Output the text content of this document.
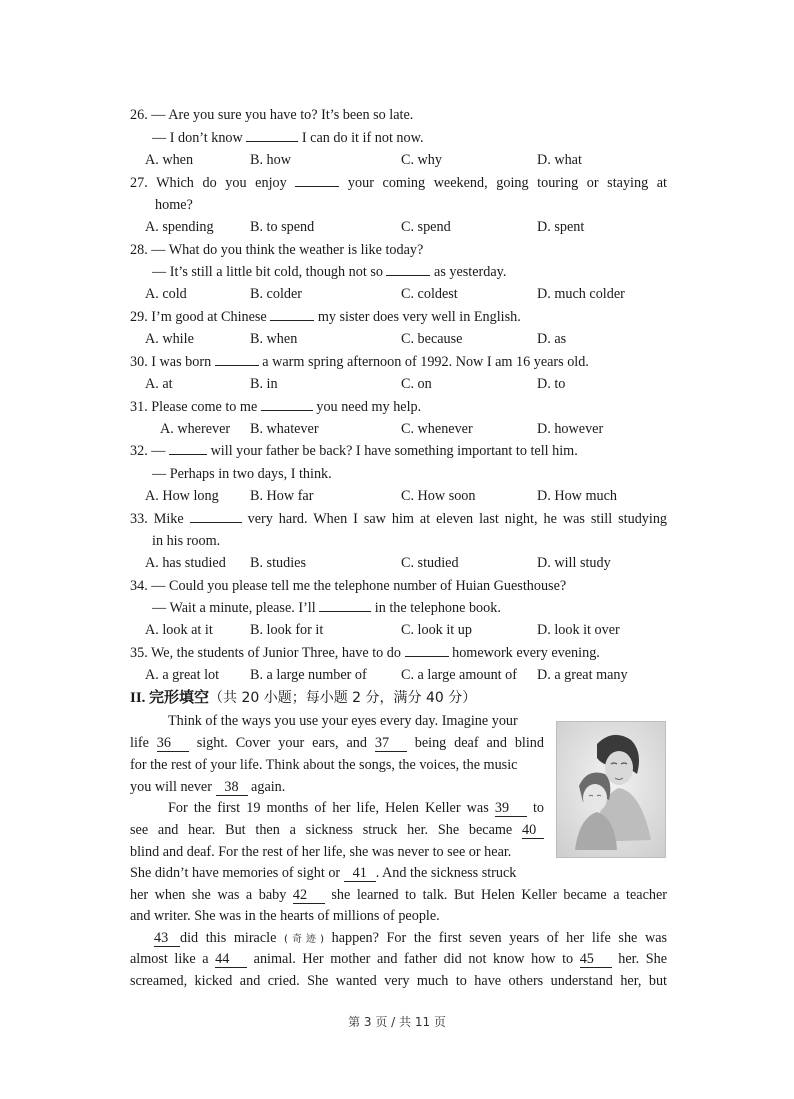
26. — Are you sure you have to? It’s been so late.
— I don’t know	I can do it if not now.
A. when	B. how	C. why	D. what
27. Which do you enjoy	your coming weekend, going touring or staying at
home?
A. spending	B. to spend	C. spend	D. spent
28. — What do you think the weather is like today?
— It’s still a little bit cold, though not so	as yesterday.
A. cold	B. colder	C. coldest	D. much colder
29. I’m good at Chinese	my sister does very well in English.
A. while	B. when	C. because	D. as
30. I was born	a warm spring afternoon of 1992. Now I am 16 years old.
A. at	B. in	C. on	D. to
31. Please come to me	you need my help.
A. wherever B. whatever	C. whenever	D. however
32. —	will your father be back? I have something important to tell him.
— Perhaps in two days, I think.
A. How long B. How far	C. How soon	D. How much
33. Mike	very hard. When I saw him at eleven last night, he was still studying
in his room.
A. has studied B. studies	C. studied	D. will study
34. — Could you please tell me the telephone number of Huian Guesthouse?
— Wait a minute, please. I’ll	in the telephone book.
A. look at it	B. look for it	C. look it up	D. look it over
35. We, the students of Junior Three, have to do	homework every evening.
A. a great lot B. a large number of C. a large amount of D. a great many
II. 完形填空（共 20 小题；每小题 2 分，满分 40 分）
Think of the ways you use your eyes every day. Imagine your
life 36 sight. Cover your ears, and 37 being deaf and blind
for the rest of your life. Think about the songs, the voices, the music
you will never 38 again.
For the first 19 months of her life, Helen Keller was 39 to
see and hear. But then a sickness struck her. She became 40
blind and deaf. For the rest of her life, she was never to see or hear.
She didn’t have memories of sight or 41 . And the sickness struck
her when she was a baby 42 she learned to talk. But Helen Keller became a teacher
and writer. She was in the hearts of millions of people.
43 did this miracle (奇迹) happen? For the first seven years of her life she was
almost like a 44 animal. Her mother and father did not know how to 45 her. She
screamed, kicked and cried. She wanted very much to have others understand her, but
第 3 页 / 共 11 页
